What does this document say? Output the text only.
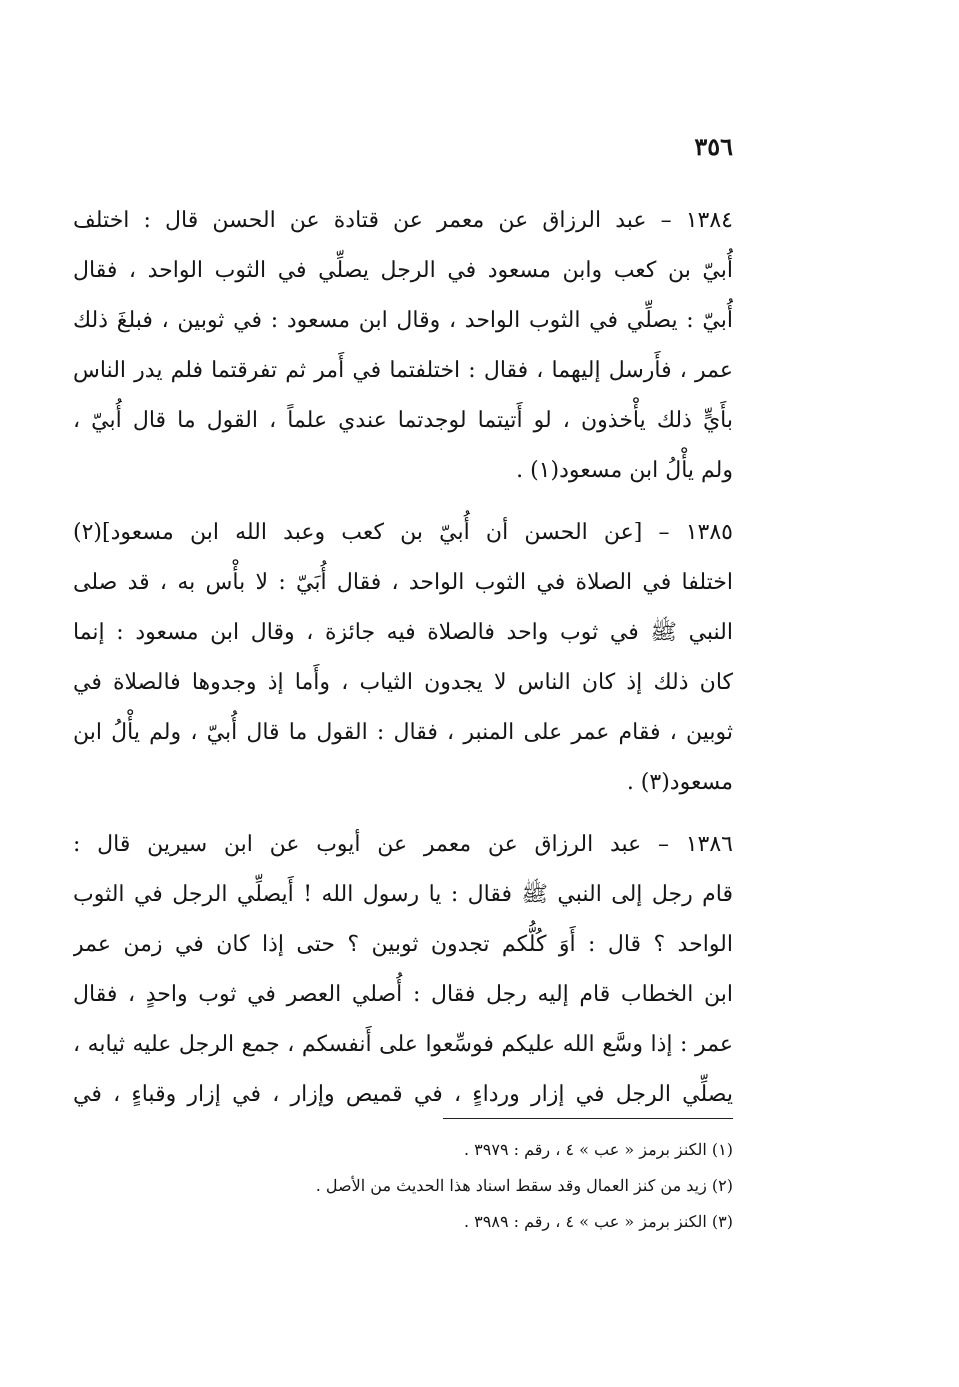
٣٥٦
١٣٨٤ – عبد الرزاق عن معمر عن قتادة عن الحسن قال : اختلف
أُبيّ بن كعب وابن مسعود في الرجل يصلِّي في الثوب الواحد ، فقال
أُبيّ : يصلِّي في الثوب الواحد ، وقال ابن مسعود : في ثوبين ، فبلغَ ذلك
عمر ، فأَرسل إليهما ، فقال : اختلفتما في أَمر ثم تفرقتما فلم يدر الناس
بأَيٍّ ذلك يأْخذون ، لو أَتيتما لوجدتما عندي علماً ، القول ما قال أُبيّ ،
ولم يأْلُ ابن مسعود(١) .
١٣٨٥ – [عن الحسن أن أُبيّ بن كعب وعبد الله ابن مسعود](٢)
اختلفا في الصلاة في الثوب الواحد ، فقال أُبَيّ : لا بأْس به ، قد صلى
النبي ﷺ في ثوب واحد فالصلاة فيه جائزة ، وقال ابن مسعود : إنما
كان ذلك إذ كان الناس لا يجدون الثياب ، وأَما إذ وجدوها فالصلاة في
ثوبين ، فقام عمر على المنبر ، فقال : القول ما قال أُبيّ ، ولم يأْلُ ابن
مسعود(٣) .
١٣٨٦ – عبد الرزاق عن معمر عن أيوب عن ابن سيرين قال :
قام رجل إلى النبي ﷺ فقال : يا رسول الله ! أَيصلِّي الرجل في الثوب
الواحد ؟ قال : أَوَ كُلُّكم تجدون ثوبين ؟ حتى إذا كان في زمن عمر
ابن الخطاب قام إليه رجل فقال : أُصلي العصر في ثوب واحدٍ ، فقال
عمر : إذا وسَّع الله عليكم فوسِّعوا على أَنفسكم ، جمع الرجل عليه ثيابه ،
يصلِّي الرجل في إزار ورداءٍ ، في قميص وإزار ، في إزار وقباءٍ ، في
(١) الكنز برمز « عب » ٤ ، رقم : ٣٩٧٩ .
(٢) زيد من كنز العمال وقد سقط اسناد هذا الحديث من الأصل .
(٣) الكنز برمز « عب » ٤ ، رقم : ٣٩٨٩ .
